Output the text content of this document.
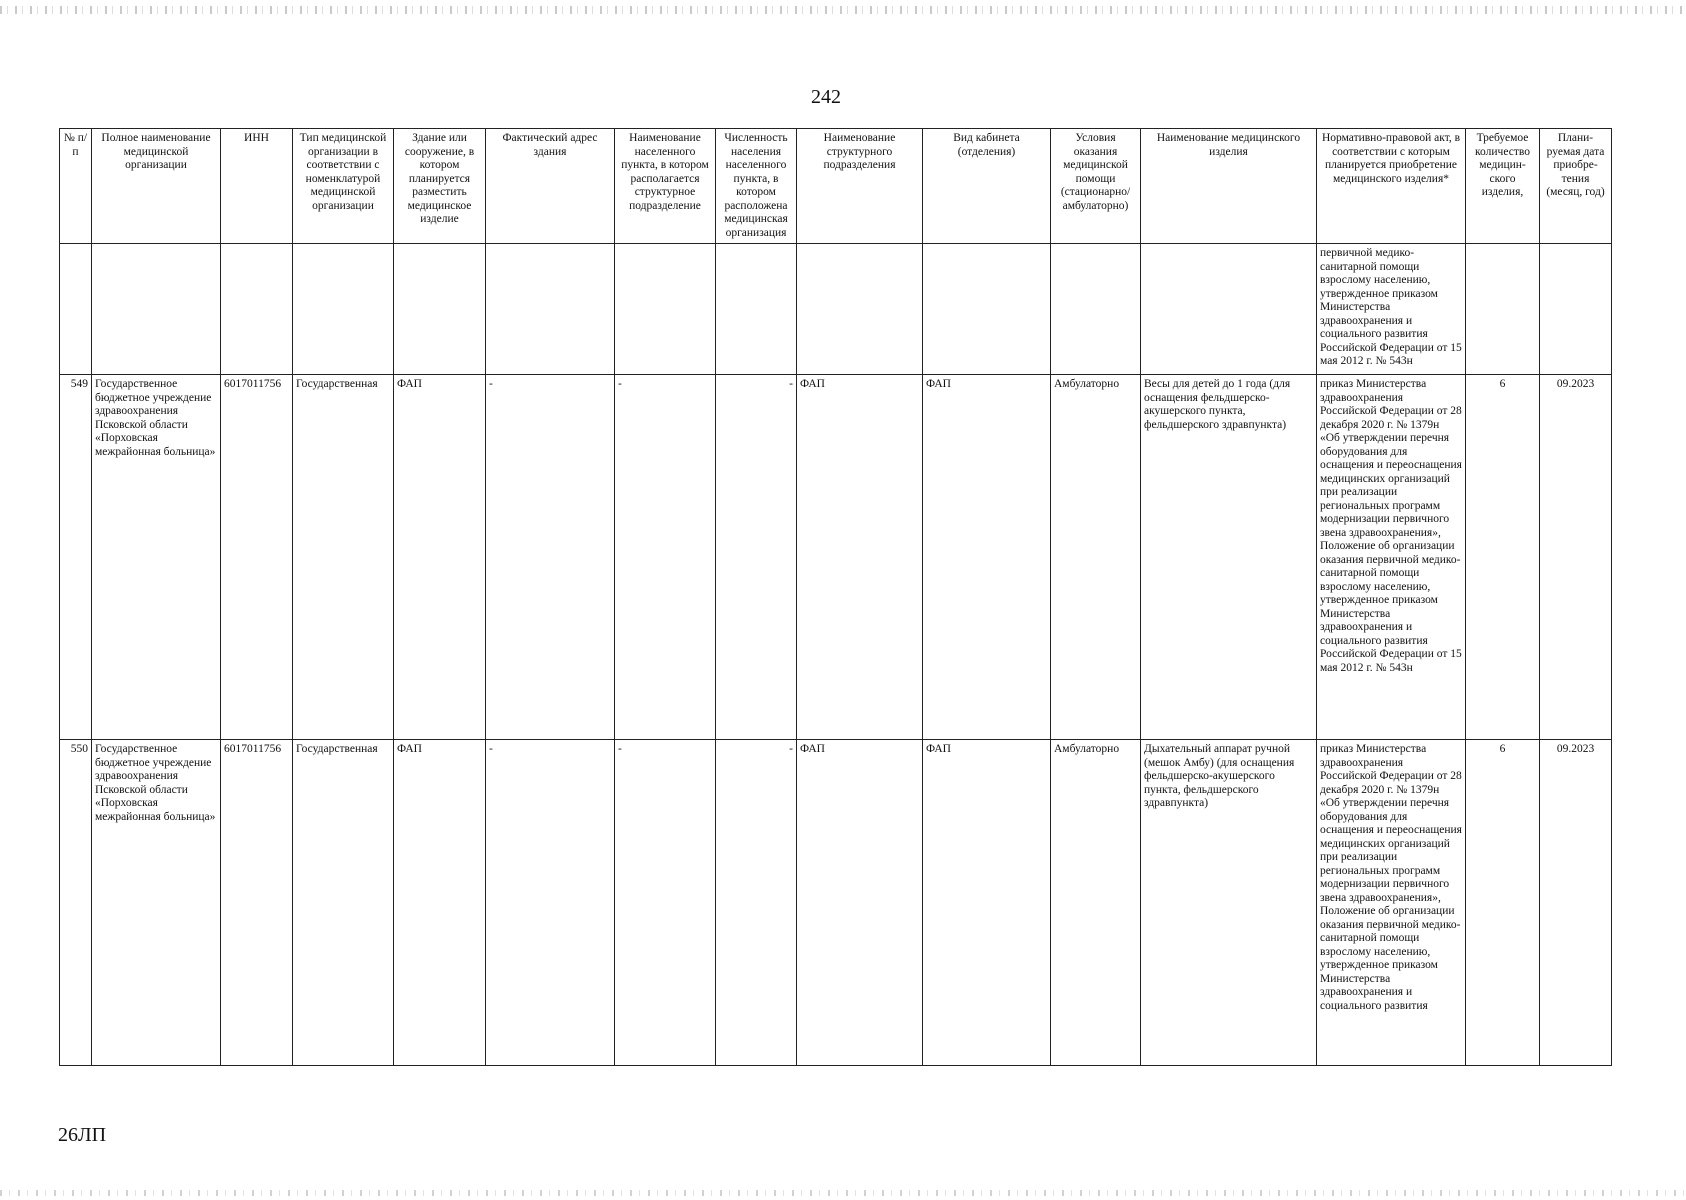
242
№ п/п	Полное наименование медицинской организации	ИНН	Тип медицинской организации в соответствии с номенклатурой медицинской организации	Здание или сооружение, в котором планируется разместить медицинское изделие	Фактический адрес здания	Наименование населенного пункта, в котором располагается структурное подразделение	Численность населения населенного пункта, в котором расположена медицинская организация	Наименование структурного подразделения	Вид кабинета (отделения)	Условия оказания медицинской помощи (стационарно/ амбулаторно)	Наименование медицинского изделия	Нормативно-правовой акт, в соответствии с которым планируется приобретение медицинского изделия*	Требуемое количество медицин-ского изделия,	Плани-руемая дата приобре-тения (месяц, год)
												первичной медико-санитарной помощи взрослому населению, утвержденное приказом Министерства здравоохранения и социального развития Российской Федерации от 15 мая 2012 г. № 543н		
549	Государственное бюджетное учреждение здравоохранения Псковской области «Порховская межрайонная больница»	6017011756	Государственная	ФАП	-	-	-	ФАП	ФАП	Амбулаторно	Весы для детей до 1 года (для оснащения фельдшерско-акушерского пункта, фельдшерского здравпункта)	приказ Министерства здравоохранения Российской Федерации от 28 декабря 2020 г. № 1379н «Об утверждении перечня оборудования для оснащения и переоснащения медицинских организаций при реализации региональных программ модернизации первичного звена здравоохранения», Положение об организации оказания первичной медико-санитарной помощи взрослому населению, утвержденное приказом Министерства здравоохранения и социального развития Российской Федерации от 15 мая 2012 г. № 543н	6	09.2023
550	Государственное бюджетное учреждение здравоохранения Псковской области «Порховская межрайонная больница»	6017011756	Государственная	ФАП	-	-	-	ФАП	ФАП	Амбулаторно	Дыхательный аппарат ручной (мешок Амбу) (для оснащения фельдшерско-акушерского пункта, фельдшерского здравпункта)	приказ Министерства здравоохранения Российской Федерации от 28 декабря 2020 г. № 1379н «Об утверждении перечня оборудования для оснащения и переоснащения медицинских организаций при реализации региональных программ модернизации первичного звена здравоохранения», Положение об организации оказания первичной медико-санитарной помощи взрослому населению, утвержденное приказом Министерства здравоохранения и социального развития	6	09.2023
26ЛП
